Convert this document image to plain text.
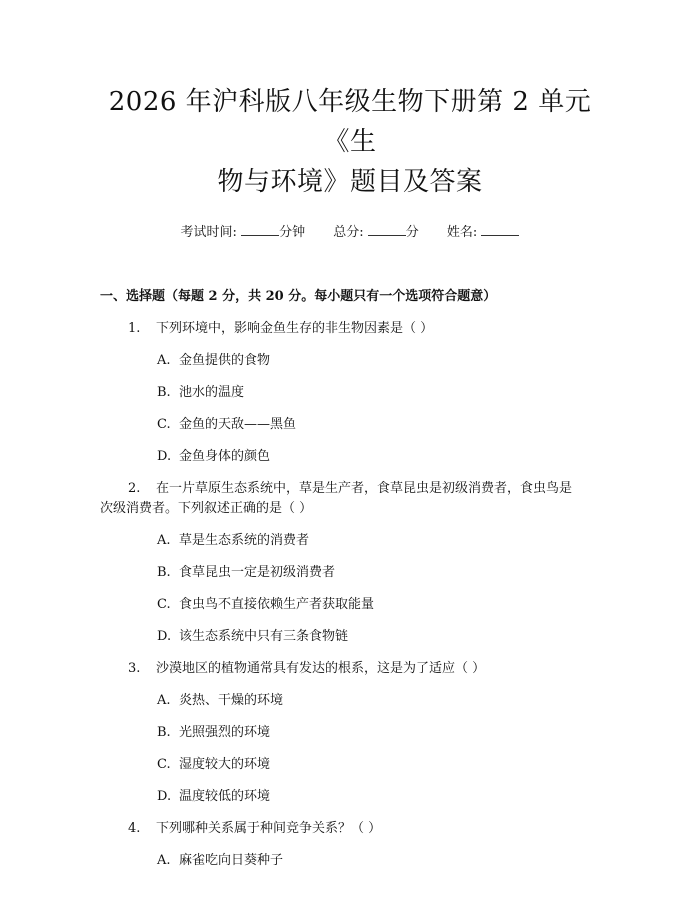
2026 年沪科版八年级生物下册第 2 单元《生
物与环境》题目及答案
考试时间:	分钟 总分:	分 姓名:
一、选择题（每题 2 分，共 20 分。每小题只有一个选项符合题意）
1. 下列环境中，影响金鱼生存的非生物因素是（ ）
A. 金鱼提供的食物
B. 池水的温度
C. 金鱼的天敌——黑鱼
D. 金鱼身体的颜色
2. 在一片草原生态系统中，草是生产者，食草昆虫是初级消费者，食虫鸟是
次级消费者。下列叙述正确的是（ ）
A. 草是生态系统的消费者
B. 食草昆虫一定是初级消费者
C. 食虫鸟不直接依赖生产者获取能量
D. 该生态系统中只有三条食物链
3. 沙漠地区的植物通常具有发达的根系，这是为了适应（ ）
A. 炎热、干燥的环境
B. 光照强烈的环境
C. 湿度较大的环境
D. 温度较低的环境
4. 下列哪种关系属于种间竞争关系？（ ）
A. 麻雀吃向日葵种子
